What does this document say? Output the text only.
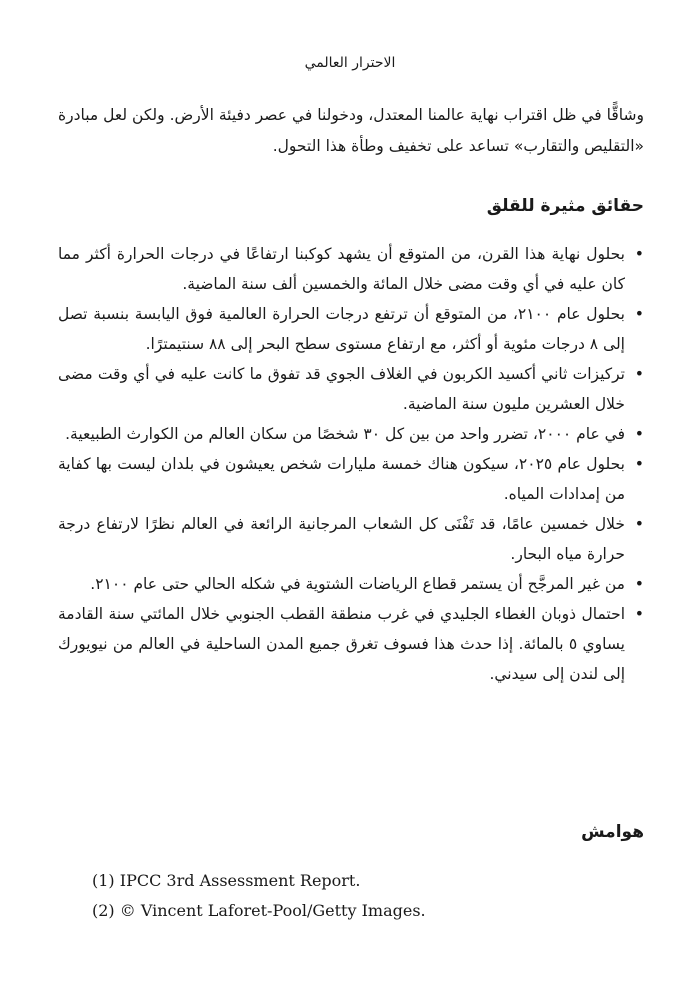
الاحترار العالمي

وشاقًّا في ظل اقتراب نهاية عالمنا المعتدل، ودخولنا في عصر دفيئة الأرض. ولكن لعل مبادرة «التقليص والتقارب» تساعد على تخفيف وطأة هذا التحول.

حقائق مثيرة للقلق
• بحلول نهاية هذا القرن، من المتوقع أن يشهد كوكبنا ارتفاعًا في درجات الحرارة أكثر مما كان عليه في أي وقت مضى خلال المائة والخمسين ألف سنة الماضية.
• بحلول عام ٢١٠٠، من المتوقع أن ترتفع درجات الحرارة العالمية فوق اليابسة بنسبة تصل إلى ٨ درجات مئوية أو أكثر، مع ارتفاع مستوى سطح البحر إلى ٨٨ سنتيمترًا.
• تركيزات ثاني أكسيد الكربون في الغلاف الجوي قد تفوق ما كانت عليه في أي وقت مضى خلال العشرين مليون سنة الماضية.
• في عام ٢٠٠٠، تضرر واحد من بين كل ٣٠ شخصًا من سكان العالم من الكوارث الطبيعية.
• بحلول عام ٢٠٢٥، سيكون هناك خمسة مليارات شخص يعيشون في بلدان ليست بها كفاية من إمدادات المياه.
• خلال خمسين عامًا، قد تَفْنَى كل الشعاب المرجانية الرائعة في العالم نظرًا لارتفاع درجة حرارة مياه البحار.
• من غير المرجَّح أن يستمر قطاع الرياضات الشتوية في شكله الحالي حتى عام ٢١٠٠.
• احتمال ذوبان الغطاء الجليدي في غرب منطقة القطب الجنوبي خلال المائتي سنة القادمة يساوي ٥ بالمائة. إذا حدث هذا فسوف تغرق جميع المدن الساحلية في العالم من نيويورك إلى لندن إلى سيدني.
هوامش
(1) IPCC 3rd Assessment Report.
(2) © Vincent Laforet-Pool/Getty Images.
